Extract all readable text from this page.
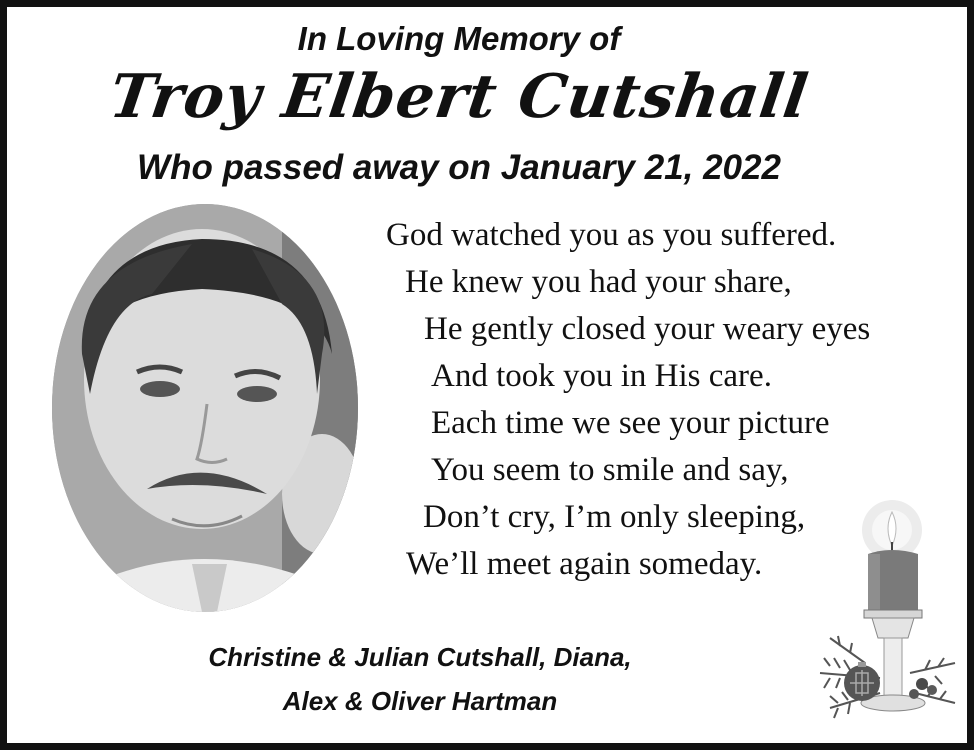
In Loving Memory of
Troy Elbert Cutshall
Who passed away on January 21, 2022
God watched you as you suffered.
He knew you had your share,
He gently closed your weary eyes
And took you in His care.
Each time we see your picture
You seem to smile and say,
Don’t cry, I’m only sleeping,
We’ll meet again someday.
Christine & Julian Cutshall, Diana,
Alex & Oliver Hartman
